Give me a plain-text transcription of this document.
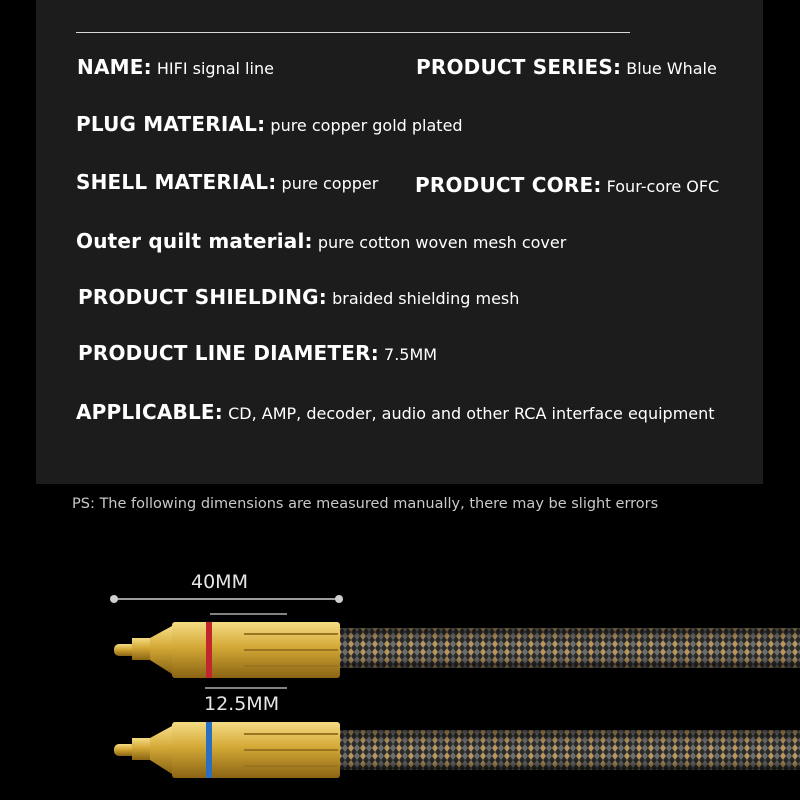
NAME: HIFI signal line	PRODUCT SERIES: Blue Whale
PLUG MATERIAL: pure copper gold plated
SHELL MATERIAL: pure copper PRODUCT CORE: Four-core OFC
Outer quilt material: pure cotton woven mesh cover
PRODUCT SHIELDING: braided shielding mesh
PRODUCT LINE DIAMETER: 7.5MM
APPLICABLE: CD, AMP, decoder, audio and other RCA interface equipment
PS: The following dimensions are measured manually, there may be slight errors
40MM
12.5MM
